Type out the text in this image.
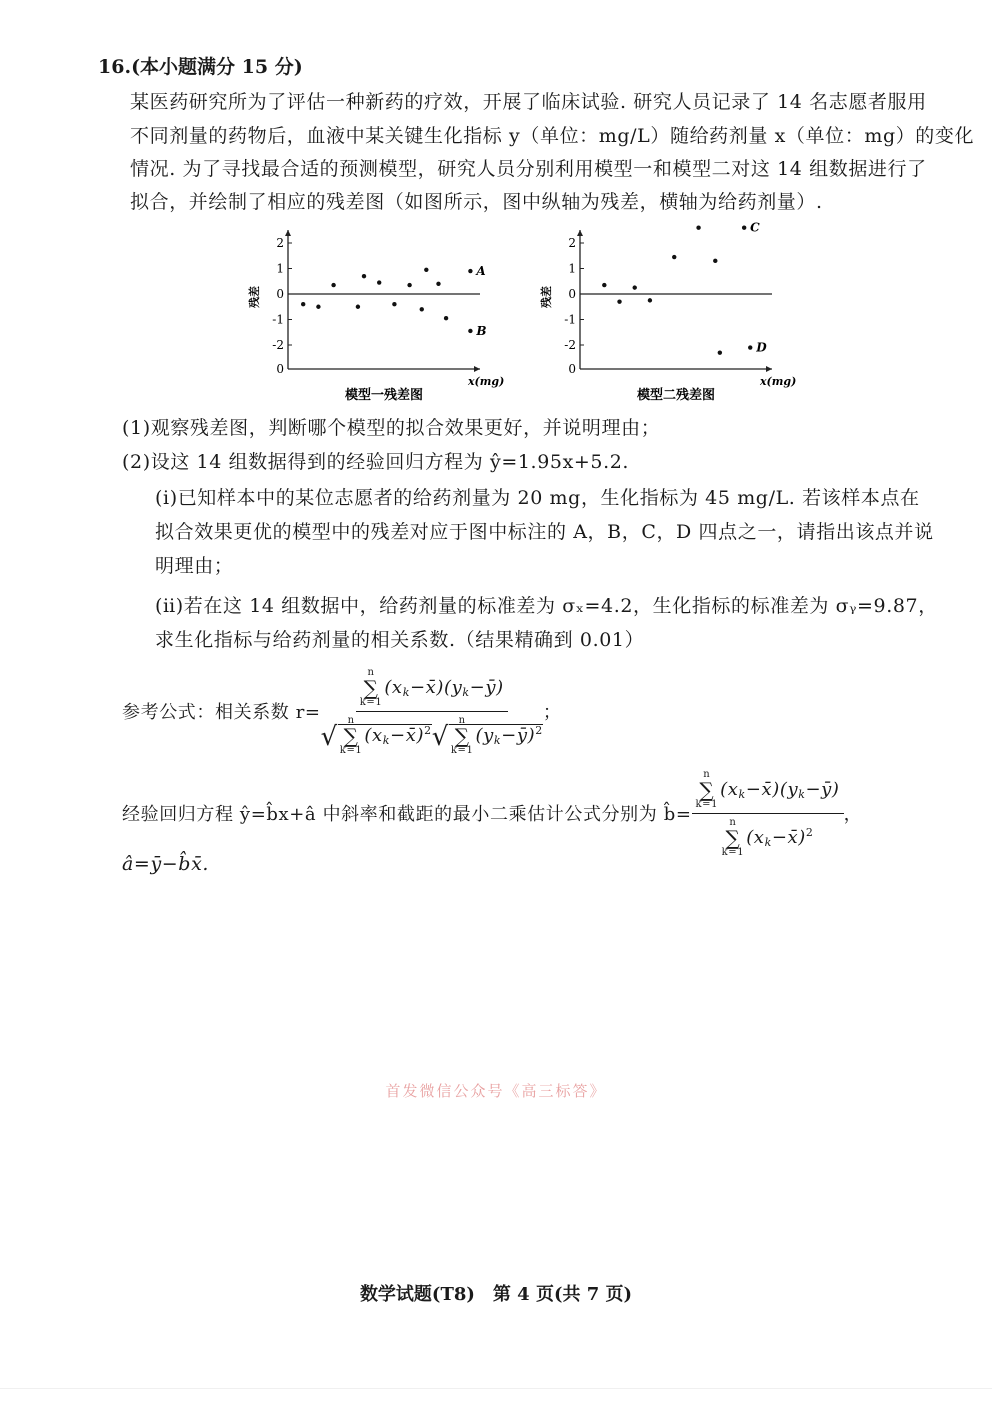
16.(本小题满分 15 分)
某医药研究所为了评估一种新药的疗效，开展了临床试验. 研究人员记录了 14 名志愿者服用
不同剂量的药物后，血液中某关键生化指标 y（单位：mg/L）随给药剂量 x（单位：mg）的变化
情况. 为了寻找最合适的预测模型，研究人员分别利用模型一和模型二对这 14 组数据进行了
拟合，并绘制了相应的残差图（如图所示，图中纵轴为残差，横轴为给药剂量）.
2
1
0
-1
-2
0
残差
x(mg)
模型一残差图
A
B
2
1
0
-1
-2
0
残差
x(mg)
模型二残差图
C
D
(1)观察残差图，判断哪个模型的拟合效果更好，并说明理由；
(2)设这 14 组数据得到的经验回归方程为 ŷ=1.95x+5.2.
(ⅰ)已知样本中的某位志愿者的给药剂量为 20 mg，生化指标为 45 mg/L. 若该样本点在
拟合效果更优的模型中的残差对应于图中标注的 A，B，C，D 四点之一，请指出该点并说
明理由；
(ⅱ)若在这 14 组数据中，给药剂量的标准差为 σₓ=4.2，生化指标的标准差为 σᵧ=9.87，
求生化指标与给药剂量的相关系数.（结果精确到 0.01）
参考公式：相关系数 r= n
∑
k=1
$(x_k-x̄)(y_k-ȳ)$
√
n
∑
k=1
$(x_k-x̄)^2√$
n
∑
k=1
$(y_k-ȳ)^2$ ；
经验回归方程 ŷ=b̂x+â 中斜率和截距的最小二乘估计公式分别为 b̂= n
∑
k=1
$(x_k-x̄)(y_k-ȳ)$
n
∑
k=1
$(x_k-x̄)^2$ ，
â=ȳ−b̂x̄.
首发微信公众号《高三标答》
数学试题(T8)　第 4 页(共 7 页)
